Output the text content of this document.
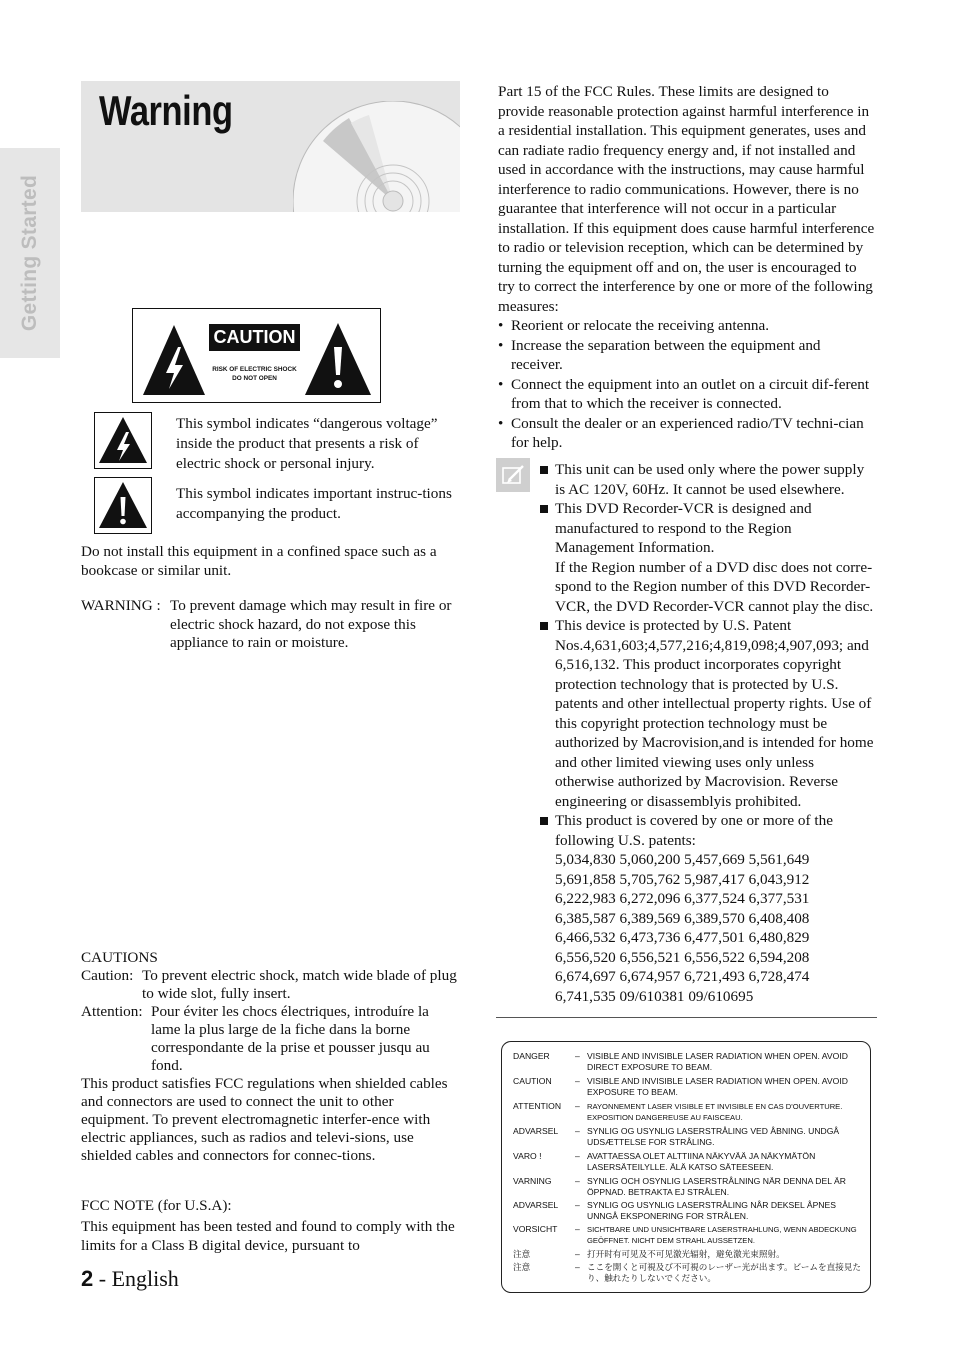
Getting Started
Warning
CAUTION
RISK OF ELECTRIC SHOCK
DO NOT OPEN
This symbol indicates “dangerous voltage” inside the product that presents a risk of electric shock or personal injury.
This symbol indicates important instruc-tions accompanying the product.
Do not install this equipment in a confined space such as a bookcase or similar unit.
WARNING : To prevent damage which may result in fire or electric shock hazard, do not expose this appliance to rain or moisture.
CAUTIONS
Caution: To prevent electric shock, match wide blade of plug to wide slot, fully insert.
Attention: Pour éviter les chocs électriques, introduíre la lame la plus large de la fiche dans la borne correspondante de la prise et pousser jusqu au fond.
This product satisfies FCC regulations when shielded cables and connectors are used to connect the unit to other equipment. To prevent electromagnetic interfer-ence with electric appliances, such as radios and televi-sions, use shielded cables and connectors for connec-tions.
FCC NOTE (for U.S.A):
This equipment has been tested and found to comply with the limits for a Class B digital device, pursuant to

Part 15 of the FCC Rules. These limits are designed to provide reasonable protection against harmful interference in a residential installation. This equipment generates, uses and can radiate radio frequency energy and, if not installed and used in accordance with the instructions, may cause harmful interference to radio communications. However, there is no guarantee that interference will not occur in a particular installation. If this equipment does cause harmful interference to radio or television reception, which can be determined by turning the equipment off and on, the user is encouraged to try to correct the interference by one or more of the following measures:

• Reorient or relocate the receiving antenna.
• Increase the separation between the equipment and receiver.
• Connect the equipment into an outlet on a circuit dif-ferent from that to which the receiver is connected.
• Consult the dealer or an experienced radio/TV techni-cian for help.
This unit can be used only where the power supply is AC 120V, 60Hz. It cannot be used elsewhere.
This DVD Recorder-VCR is designed and manufactured to respond to the Region Management Information.
If the Region number of a DVD disc does not corre-spond to the Region number of this DVD Recorder-VCR, the DVD Recorder-VCR cannot play the disc.
This device is protected by U.S. Patent Nos.4,631,603;4,577,216;4,819,098;4,907,093; and 6,516,132. This product incorporates copyright protection technology that is protected by U.S. patents and other intellectual property rights. Use of this copyright protection technology must be authorized by Macrovision,and is intended for home and other limited viewing uses only unless otherwise authorized by Macrovision. Reverse engineering or disassemblyis prohibited.
This product is covered by one or more of the following U.S. patents:
5,034,830 5,060,200 5,457,669 5,561,649
5,691,858 5,705,762 5,987,417 6,043,912
6,222,983 6,272,096 6,377,524 6,377,531
6,385,587 6,389,569 6,389,570 6,408,408
6,466,532 6,473,736 6,477,501 6,480,829
6,556,520 6,556,521 6,556,522 6,594,208
6,674,697 6,674,957 6,721,493 6,728,474
6,741,535 09/610381 09/610695
DANGER	– VISIBLE AND INVISIBLE LASER RADIATION WHEN OPEN. AVOID DIRECT EXPOSURE TO BEAM.
CAUTION	– VISIBLE AND INVISIBLE LASER RADIATION WHEN OPEN. AVOID EXPOSURE TO BEAM.
ATTENTION	– RAYONNEMENT LASER VISIBLE ET INVISIBLE EN CAS D'OUVERTURE. EXPOSITION DANGEREUSE AU FAISCEAU.
ADVARSEL	– SYNLIG OG USYNLIG LASERSTRÅLING VED ÅBNING. UNDGÅ UDSÆTTELSE FOR STRÅLING.
VARO !	– AVATTAESSA OLET ALTTIINA NÄKYVÄÄ JA NÄKYMÄTÖN LASERSÄTEILYLLE. ÄLÄ KATSO SÄTEESEEN.
VARNING	– SYNLIG OCH OSYNLIG LASERSTRÅLNING NÄR DENNA DEL ÄR ÖPPNAD. BETRAKTA EJ STRÅLEN.
ADVARSEL	– SYNLIG OG USYNLIG LASERSTRÅLING NÅR DEKSEL ÅPNES UNNGÅ EKSPONERING FOR STRÅLEN.
VORSICHT	– SICHTBARE UND UNSICHTBARE LASERSTRAHLUNG, WENN ABDECKUNG GEÖFFNET. NICHT DEM STRAHL AUSSETZEN.
注意	– 打开时有可见及不可见激光辐射，避免激光束照射。
注意	– ここを開くと可視及び不可視のレーザー光が出ます。ビームを直接見たり、触れたりしないでください。
2 - English
